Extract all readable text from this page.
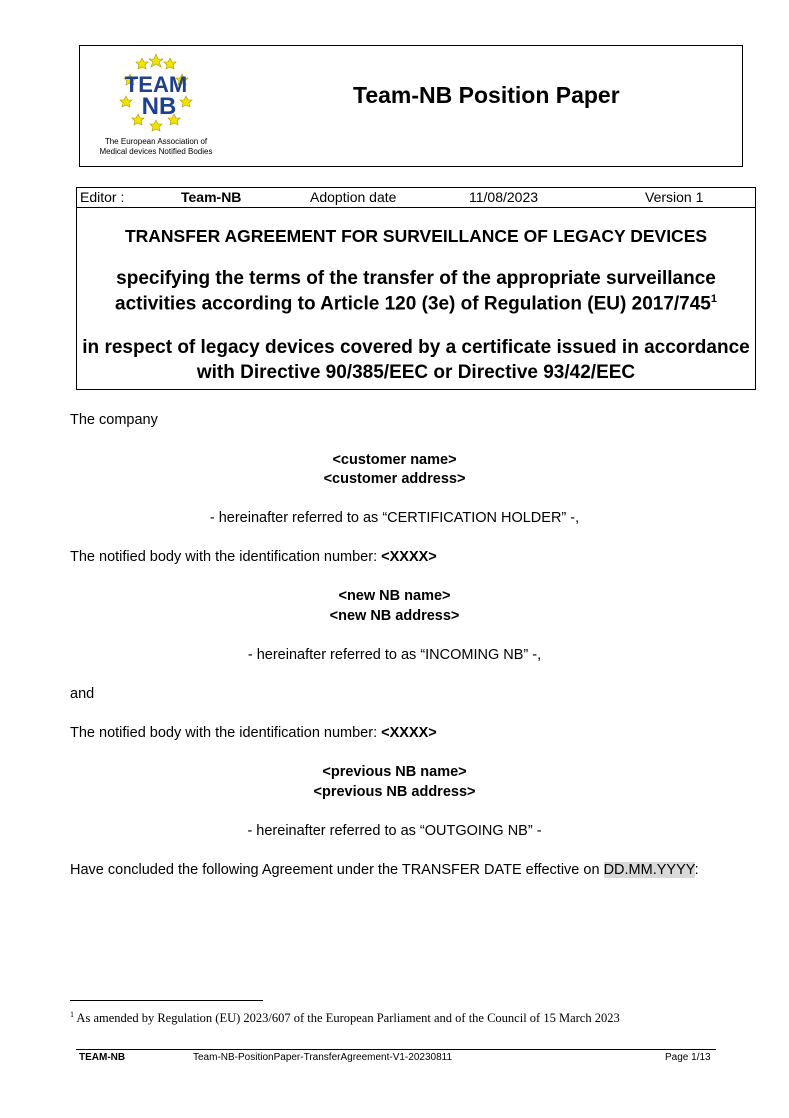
TEAM
NB
The European Association of
Medical devices Notified Bodies
Team-NB Position Paper
Editor :	Team-NB	Adoption date	11/08/2023	Version 1
TRANSFER AGREEMENT FOR SURVEILLANCE OF LEGACY DEVICES
specifying the terms of the transfer of the appropriate surveillance
activities according to Article 120 (3e) of Regulation (EU) $2017/745^1$
in respect of legacy devices covered by a certificate issued in accordance
with Directive 90/385/EEC or Directive 93/42/EEC
The company
<customer name>
<customer address>
- hereinafter referred to as “CERTIFICATION HOLDER” -,
The notified body with the identification number: <XXXX>
<new NB name>
<new NB address>
- hereinafter referred to as “INCOMING NB” -,
and
The notified body with the identification number: <XXXX>
<previous NB name>
<previous NB address>
- hereinafter referred to as “OUTGOING NB” -
Have concluded the following Agreement under the TRANSFER DATE effective on DD.MM.YYYY:
$^1$ As amended by Regulation (EU) 2023/607 of the European Parliament and of the Council of 15 March 2023
TEAM-NB	Team-NB-PositionPaper-TransferAgreement-V1-20230811	Page 1/13
